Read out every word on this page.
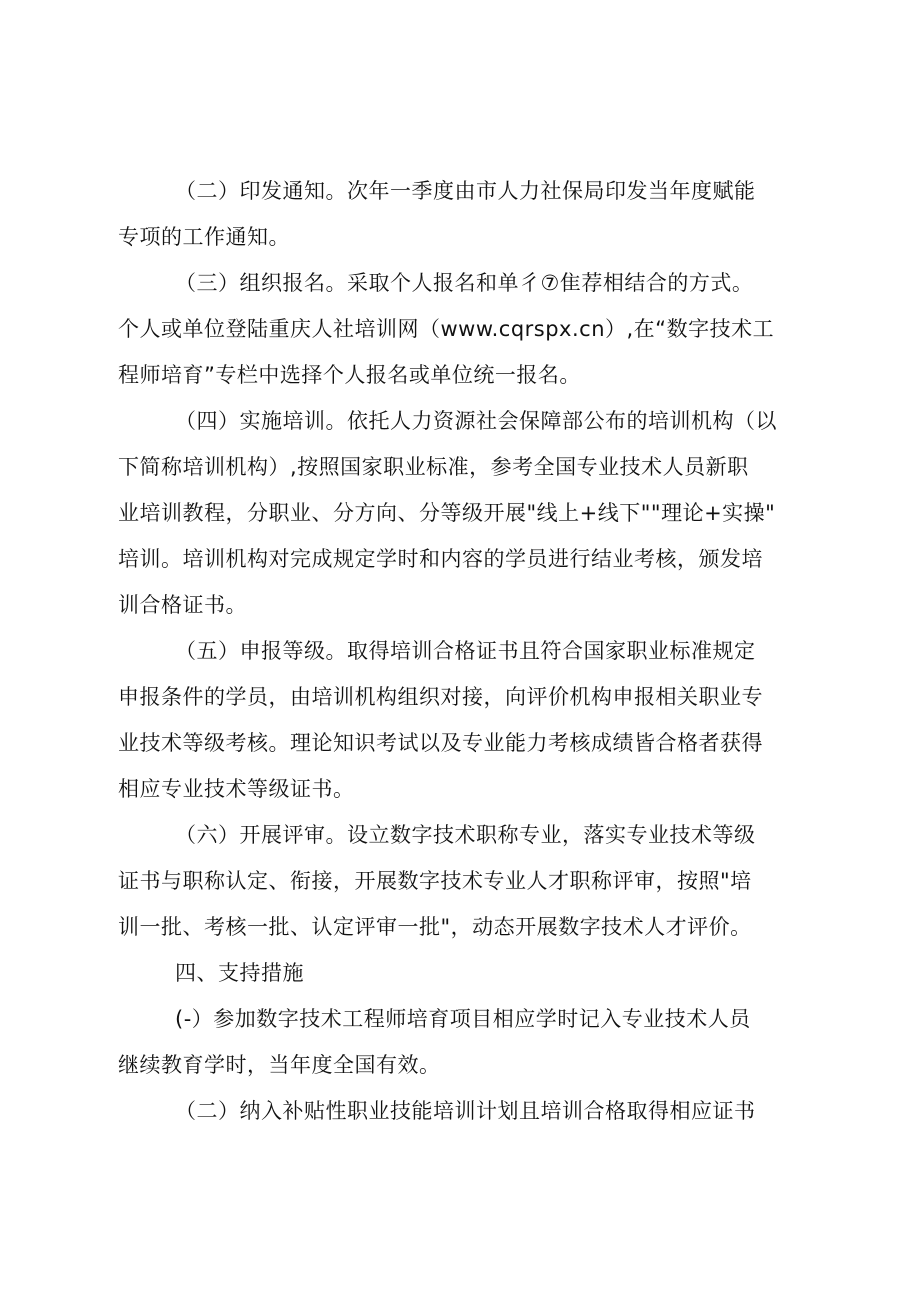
（二）印发通知。次年一季度由市人力社保局印发当年度赋能

专项的工作通知。

（三）组织报名。采取个人报名和单彳⑦隹荐相结合的方式。

个人或单位登陆重庆人社培训网（www.cqrspx.cn）,在“数字技术工

程师培育”专栏中选择个人报名或单位统一报名。

（四）实施培训。依托人力资源社会保障部公布的培训机构（以

下简称培训机构）,按照国家职业标准，参考全国专业技术人员新职

业培训教程，分职业、分方向、分等级开展"线上+线下""理论+实操"

培训。培训机构对完成规定学时和内容的学员进行结业考核，颁发培

训合格证书。

（五）申报等级。取得培训合格证书且符合国家职业标准规定

申报条件的学员，由培训机构组织对接，向评价机构申报相关职业专

业技术等级考核。理论知识考试以及专业能力考核成绩皆合格者获得

相应专业技术等级证书。

（六）开展评审。设立数字技术职称专业，落实专业技术等级

证书与职称认定、衔接，开展数字技术专业人才职称评审，按照"培

训一批、考核一批、认定评审一批"，动态开展数字技术人才评价。

四、支持措施

(-）参加数字技术工程师培育项目相应学时记入专业技术人员

继续教育学时，当年度全国有效。

（二）纳入补贴性职业技能培训计划且培训合格取得相应证书
